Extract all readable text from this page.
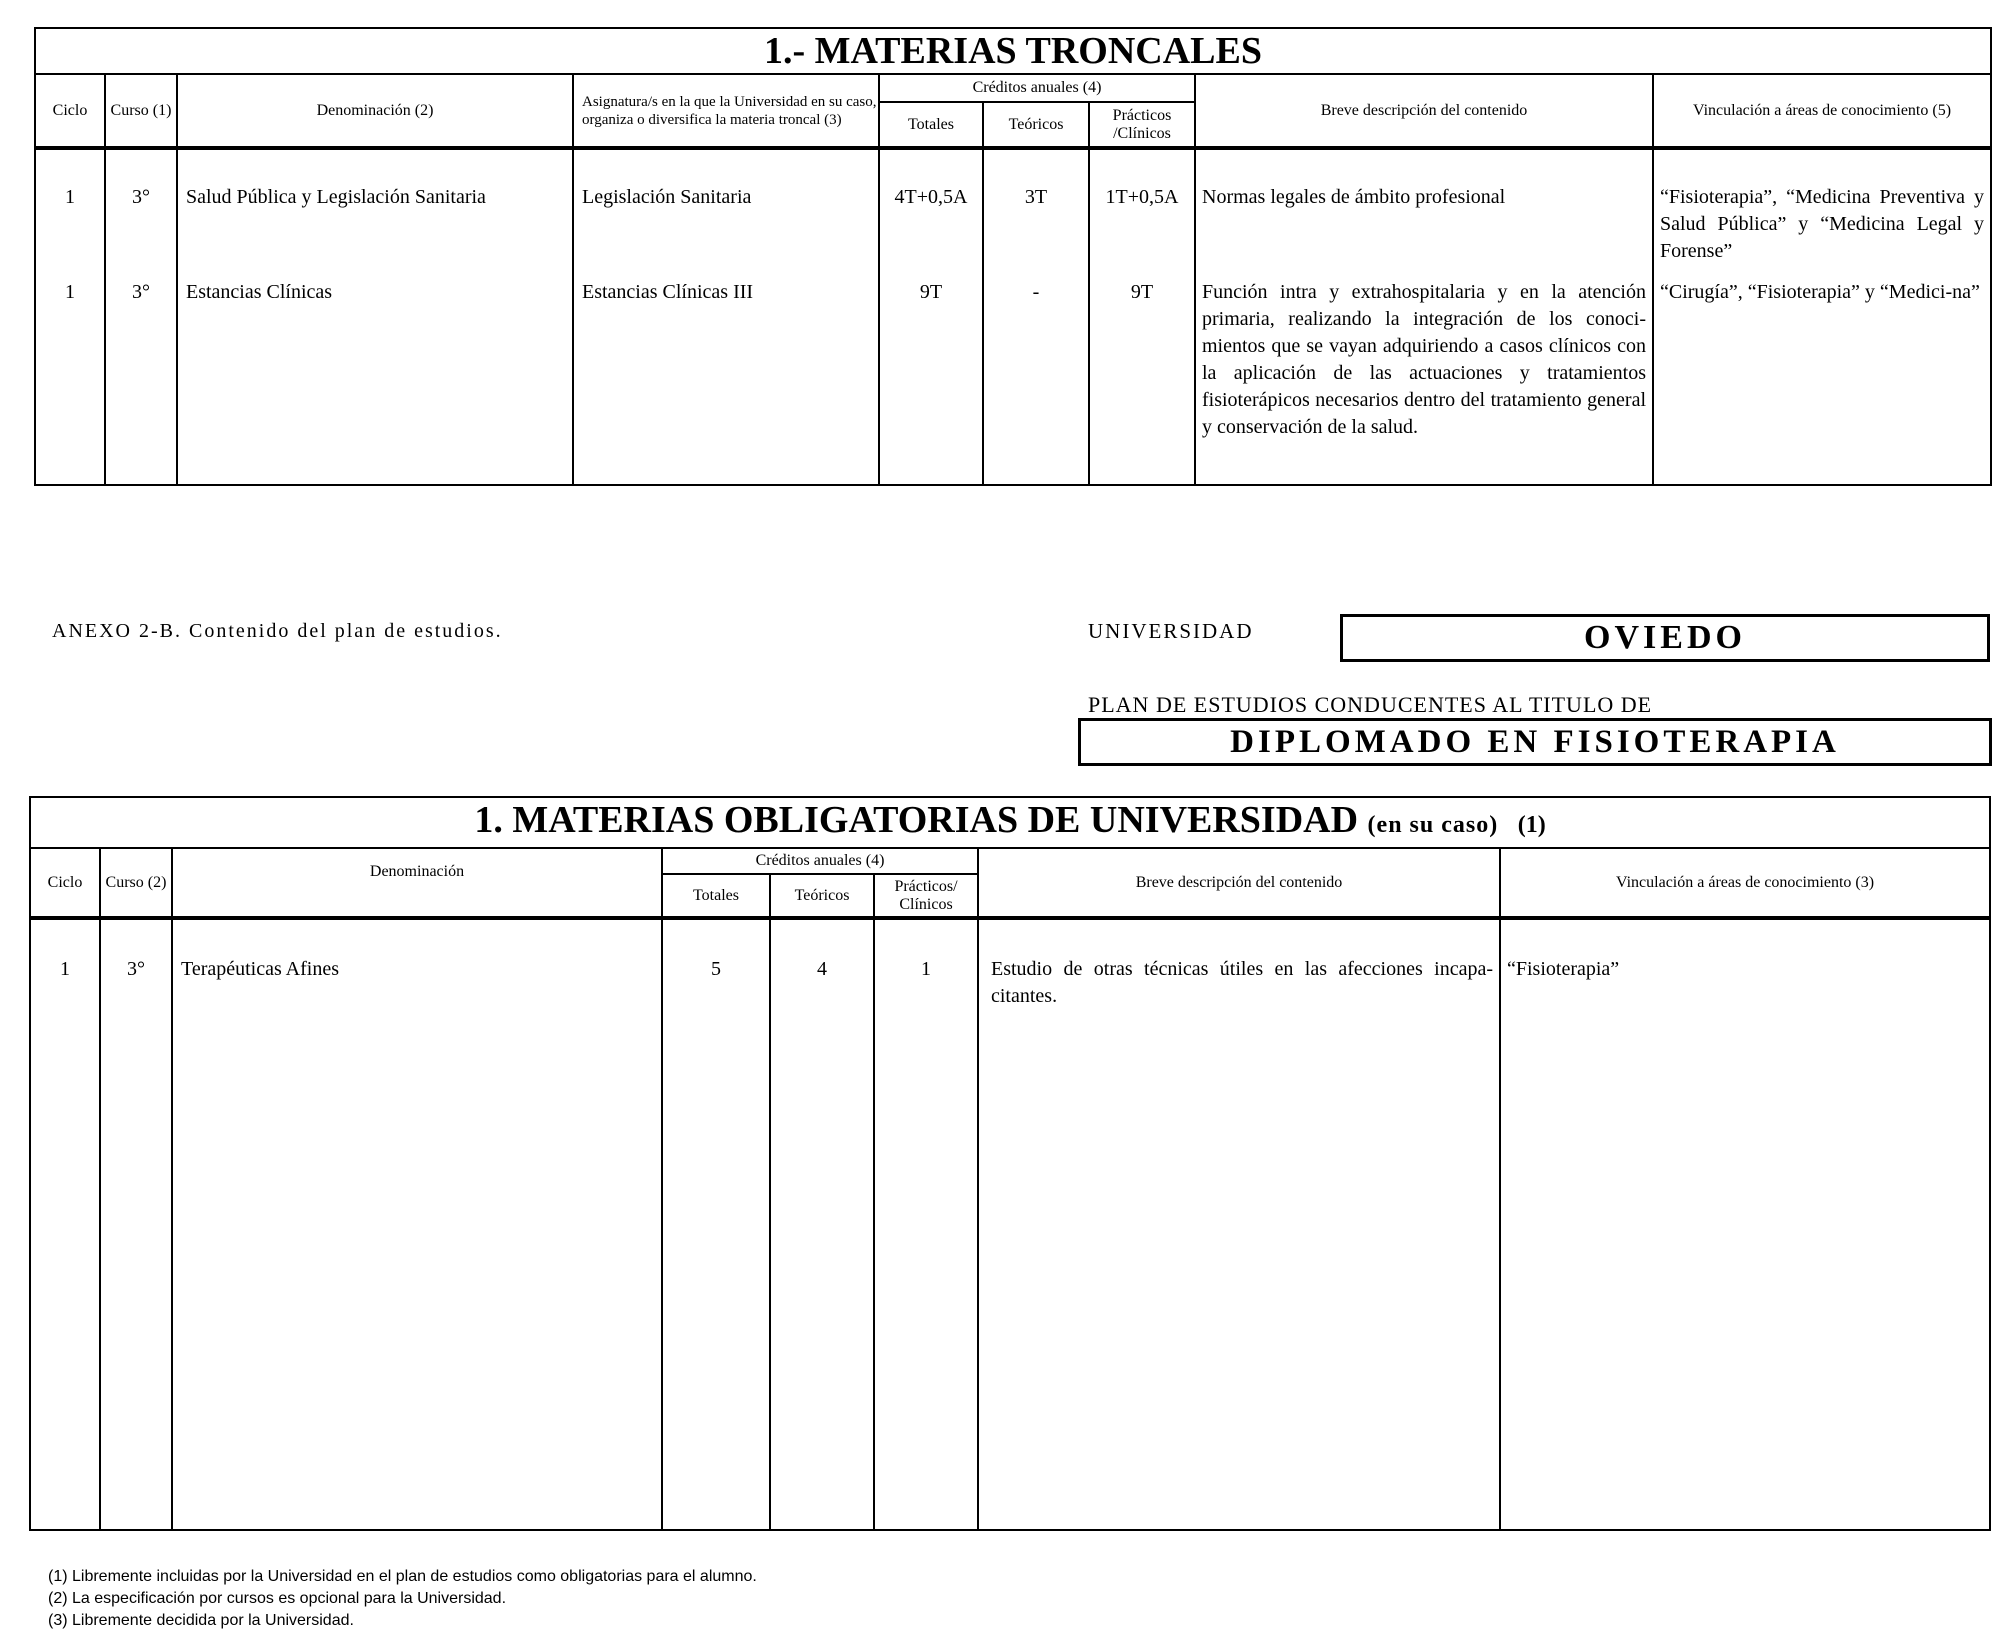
1.- MATERIAS TRONCALES								
Ciclo	Curso (1)	Denominación (2)	Asignatura/s en la que la Universidad en su caso, organiza o diversifica la materia troncal (3)	Créditos anuales (4)			Breve descripción del contenido	Vinculación a áreas de conocimiento (5)
				Totales	Teóricos	Prácticos /Clínicos		
1	3°	Salud Pública y Legislación Sanitaria	Legislación Sanitaria	4T+0,5A	3T	1T+0,5A	Normas legales de ámbito profesional	“Fisioterapia”, “Medicina Preventiva y Salud Pública” y “Medicina Legal y Forense”
1	3°	Estancias Clínicas	Estancias Clínicas III	9T	-	9T	Función intra y extrahospitalaria y en la atención primaria, realizando la integración de los conoci-mientos que se vayan adquiriendo a casos clínicos con la aplicación de las actuaciones y tratamientos fisioterápicos necesarios dentro del tratamiento general y conservación de la salud.	“Cirugía”, “Fisioterapia” y “Medici-na”
ANEXO 2-B. Contenido del plan de estudios.	UNIVERSIDAD	OVIEDO
PLAN DE ESTUDIOS CONDUCENTES AL TITULO DE
DIPLOMADO EN FISIOTERAPIA
1. MATERIAS OBLIGATORIAS DE UNIVERSIDAD (en su caso) (1)							
Ciclo	Curso (2)	Denominación	Créditos anuales (4)			Breve descripción del contenido	Vinculación a áreas de conocimiento (3)
			Totales	Teóricos	Prácticos/ Clínicos		
1	3°	Terapéuticas Afines	5	4	1	Estudio de otras técnicas útiles en las afecciones incapa-citantes.	“Fisioterapia”
(1) Libremente incluidas por la Universidad en el plan de estudios como obligatorias para el alumno.
(2) La especificación por cursos es opcional para la Universidad.
(3) Libremente decidida por la Universidad.
